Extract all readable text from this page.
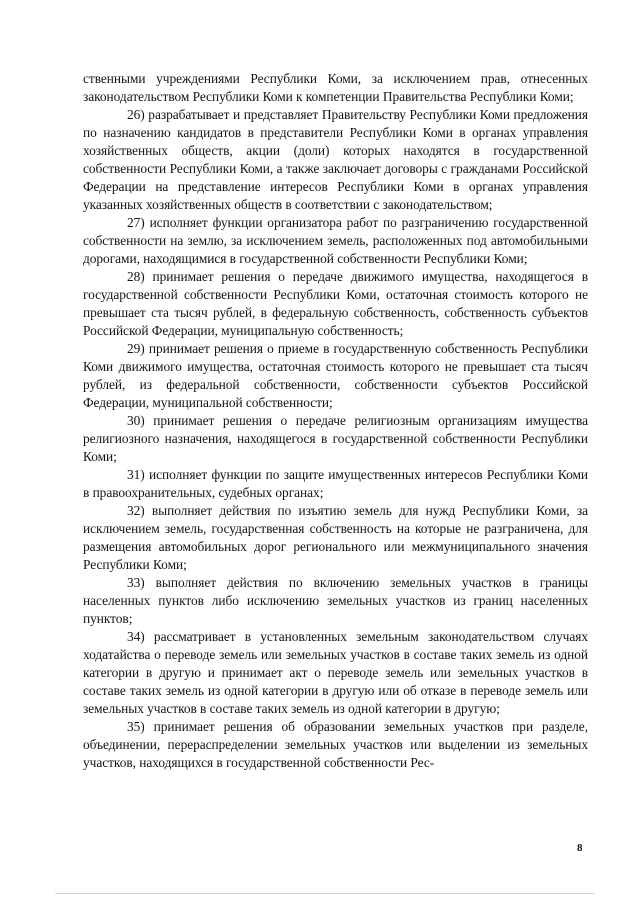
ственными учреждениями Республики Коми, за исключением прав, отнесенных законодательством Республики Коми к компетенции Правительства Республики Коми;

26) разрабатывает и представляет Правительству Республики Коми предложения по назначению кандидатов в представители Республики Коми в органах управления хозяйственных обществ, акции (доли) которых находятся в государственной собственности Республики Коми, а также заключает договоры с гражданами Российской Федерации на представление интересов Республики Коми в органах управления указанных хозяйственных обществ в соответствии с законодательством;

27) исполняет функции организатора работ по разграничению государственной собственности на землю, за исключением земель, расположенных под автомобильными дорогами, находящимися в государственной собственности Республики Коми;

28) принимает решения о передаче движимого имущества, находящегося в государственной собственности Республики Коми, остаточная стоимость которого не превышает ста тысяч рублей, в федеральную собственность, собственность субъектов Российской Федерации, муниципальную собственность;

29) принимает решения о приеме в государственную собственность Республики Коми движимого имущества, остаточная стоимость которого не превышает ста тысяч рублей, из федеральной собственности, собственности субъектов Российской Федерации, муниципальной собственности;

30) принимает решения о передаче религиозным организациям имущества религиозного назначения, находящегося в государственной собственности Республики Коми;

31) исполняет функции по защите имущественных интересов Республики Коми в правоохранительных, судебных органах;

32) выполняет действия по изъятию земель для нужд Республики Коми, за исключением земель, государственная собственность на которые не разграничена, для размещения автомобильных дорог регионального или межмуниципального значения Республики Коми;

33) выполняет действия по включению земельных участков в границы населенных пунктов либо исключению земельных участков из границ населенных пунктов;

34) рассматривает в установленных земельным законодательством случаях ходатайства о переводе земель или земельных участков в составе таких земель из одной категории в другую и принимает акт о переводе земель или земельных участков в составе таких земель из одной категории в другую или об отказе в переводе земель или земельных участков в составе таких земель из одной категории в другую;

35) принимает решения об образовании земельных участков при разделе, объединении, перераспределении земельных участков или выделении из земельных участков, находящихся в государственной собственности Рес-

8
